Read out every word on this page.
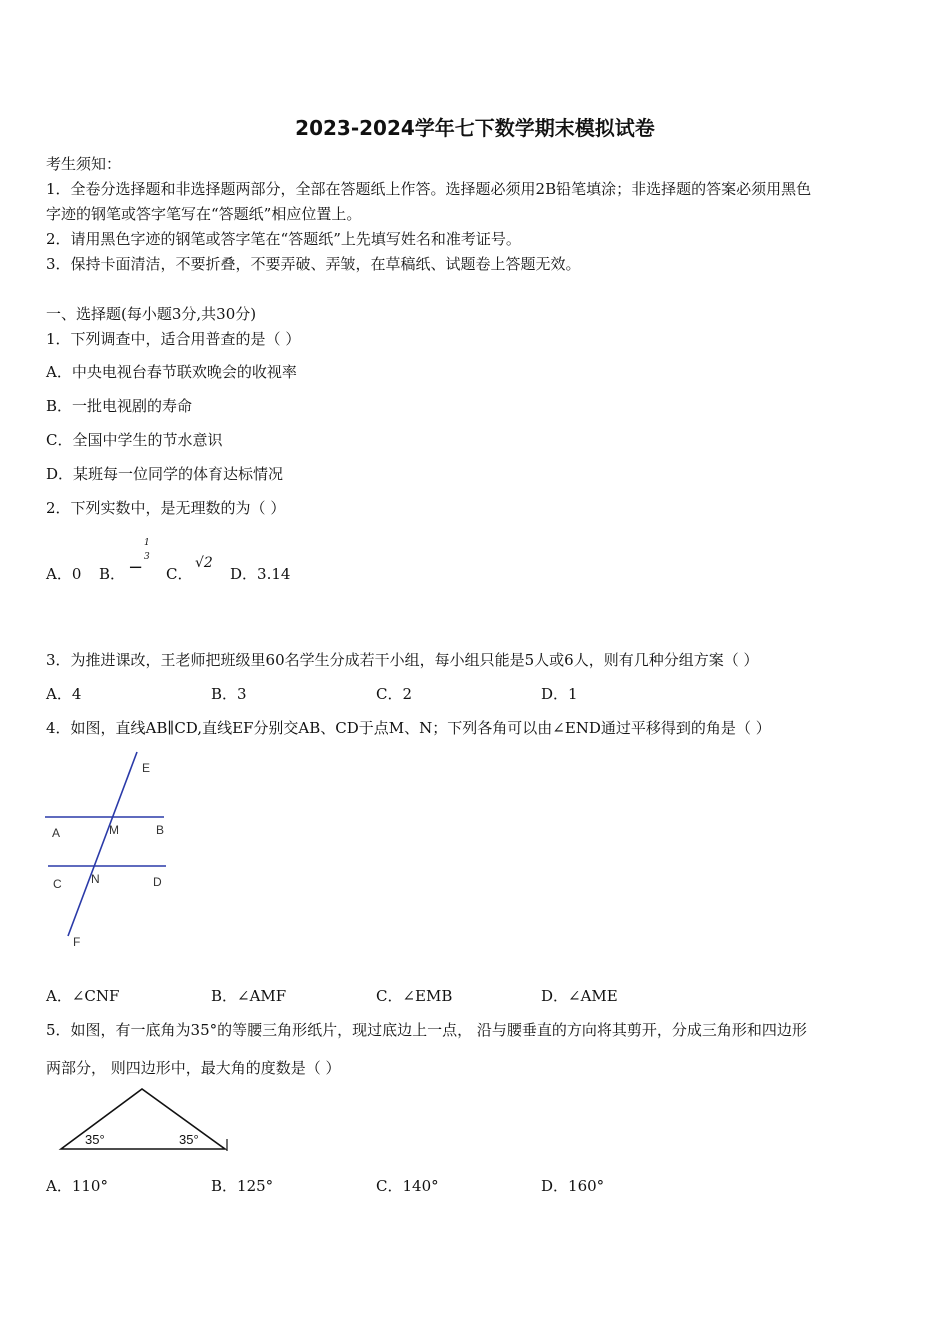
2023-2024学年七下数学期末模拟试卷
考生须知：
1．全卷分选择题和非选择题两部分，全部在答题纸上作答。选择题必须用2B铅笔填涂；非选择题的答案必须用黑色
字迹的钢笔或答字笔写在“答题纸”相应位置上。
2．请用黑色字迹的钢笔或答字笔在“答题纸”上先填写姓名和准考证号。
3．保持卡面清洁，不要折叠，不要弄破、弄皱，在草稿纸、试题卷上答题无效。
一、选择题(每小题3分,共30分)
1．下列调查中，适合用普查的是（ ）
A．中央电视台春节联欢晚会的收视率
B．一批电视剧的寿命
C．全国中学生的节水意识
D．某班每一位同学的体育达标情况
2．下列实数中，是无理数的为（ ）
A．0 B． −
1
3
C．
√2
D．3.14
3．为推进课改，王老师把班级里60名学生分成若干小组，每小组只能是5人或6人，则有几种分组方案（ ）
A．4	B．3	C．2	D．1
4．如图，直线AB∥CD,直线EF分别交AB、CD于点M、N；下列各角可以由∠END通过平移得到的角是（ ）
E
A	M	B
C N	D
F
A．∠CNF	B．∠AMF	C．∠EMB	D．∠AME
5．如图，有一底角为35°的等腰三角形纸片，现过底边上一点， 沿与腰垂直的方向将其剪开，分成三角形和四边形
两部分， 则四边形中，最大角的度数是（ ）
35°	35°
A．110°	B．125°	C．140°	D．160°
